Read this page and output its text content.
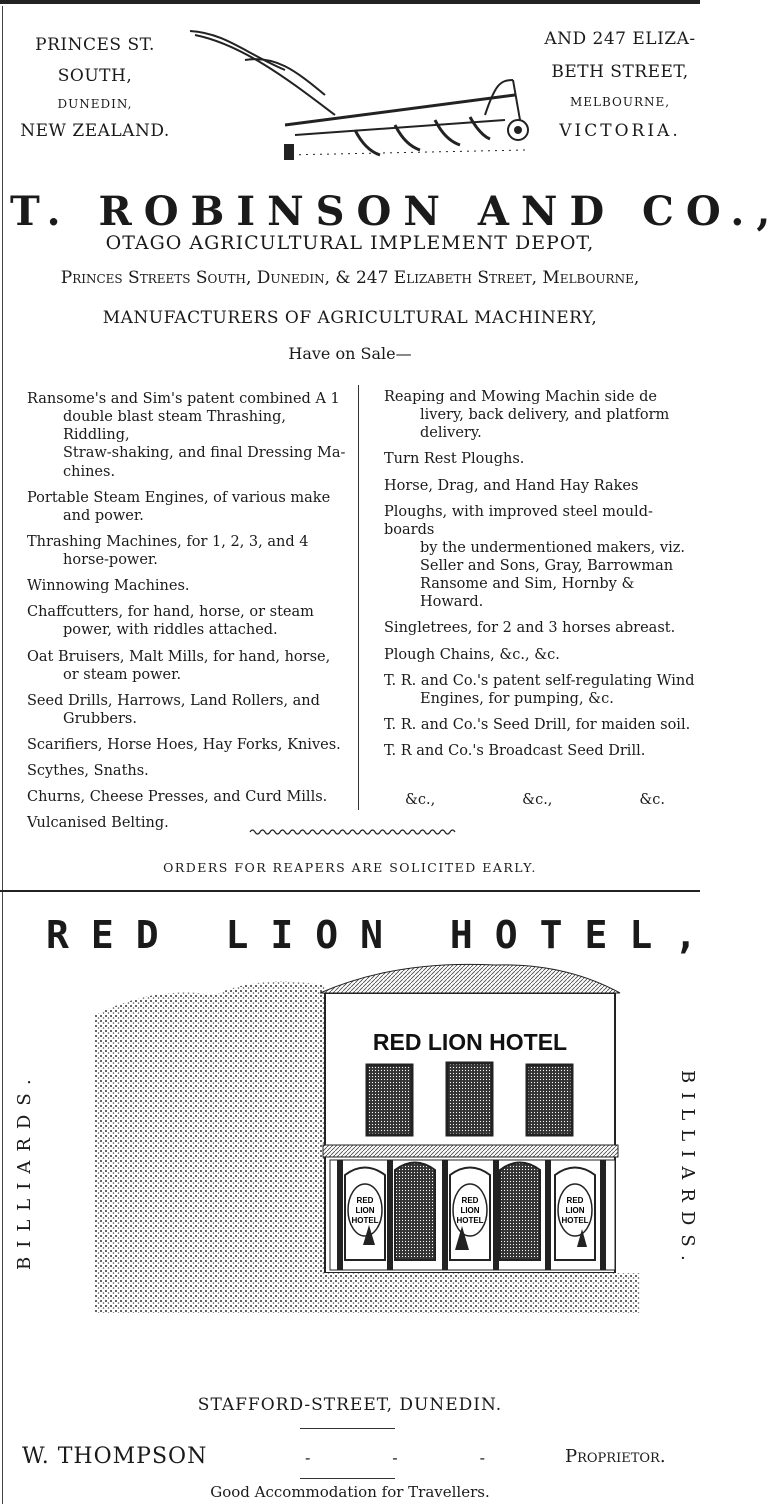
PRINCES ST.
SOUTH,
DUNEDIN,
NEW ZEALAND.
AND 247 ELIZA-
BETH STREET,
MELBOURNE,
VICTORIA.
T. ROBINSON AND CO.,
OTAGO AGRICULTURAL IMPLEMENT DEPOT,
Princes Streets South, Dunedin, & 247 Elizabeth Street, Melbourne,
MANUFACTURERS OF AGRICULTURAL MACHINERY,
Have on Sale—
Ransome's and Sim's patent combined A 1
double blast steam Thrashing, Riddling,
Straw-shaking, and final Dressing Ma-
chines.
Portable Steam Engines, of various make
and power.
Thrashing Machines, for 1, 2, 3, and 4
horse-power.
Winnowing Machines.
Chaffcutters, for hand, horse, or steam
power, with riddles attached.
Oat Bruisers, Malt Mills, for hand, horse,
or steam power.
Seed Drills, Harrows, Land Rollers, and
Grubbers.
Scarifiers, Horse Hoes, Hay Forks, Knives.
Scythes, Snaths.
Churns, Cheese Presses, and Curd Mills.
Vulcanised Belting.
Reaping and Mowing Machin side de
livery, back delivery, and platform
delivery.
Turn Rest Ploughs.
Horse, Drag, and Hand Hay Rakes
Ploughs, with improved steel mould-boards
by the undermentioned makers, viz.
Seller and Sons, Gray, Barrowman
Ransome and Sim, Hornby & Howard.
Singletrees, for 2 and 3 horses abreast.
Plough Chains, &c., &c.
T. R. and Co.'s patent self-regulating Wind
Engines, for pumping, &c.
T. R. and Co.'s Seed Drill, for maiden soil.
T. R and Co.'s Broadcast Seed Drill.
&c.,	&c.,	&c.
ORDERS FOR REAPERS ARE SOLICITED EARLY.
RED LION HOTEL,
BILLIARDS.	BILLIARDS.
RED LION HOTEL
RED
LION
HOTEL
RED
LION
HOTEL
RED
LION
HOTEL
STAFFORD-STREET, DUNEDIN.
W. THOMPSON	-	-	-	Proprietor.
Good Accommodation for Travellers.
